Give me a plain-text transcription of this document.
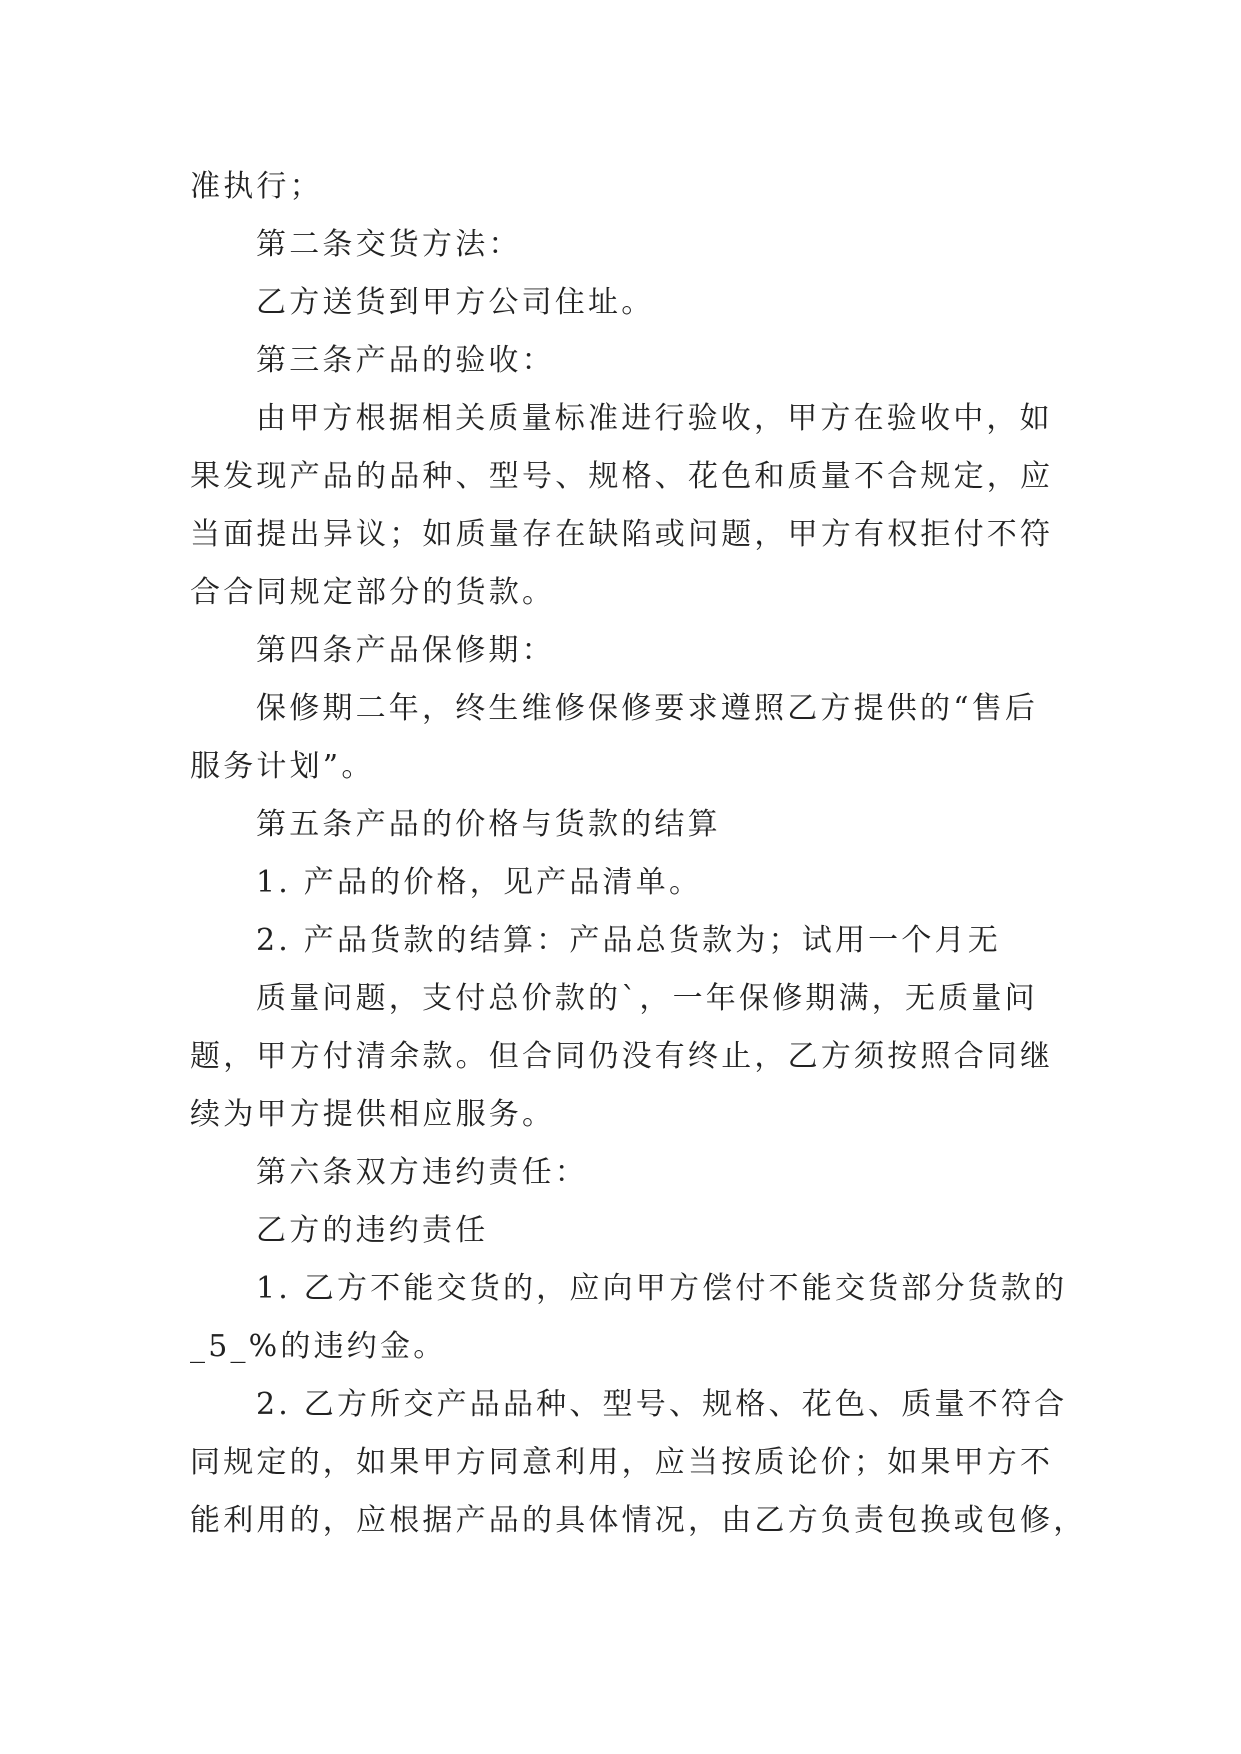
准执行；

第二条交货方法：

乙方送货到甲方公司住址。

第三条产品的验收：

由甲方根据相关质量标准进行验收，甲方在验收中，如

果发现产品的品种、型号、规格、花色和质量不合规定，应

当面提出异议；如质量存在缺陷或问题，甲方有权拒付不符

合合同规定部分的货款。

第四条产品保修期：

保修期二年，终生维修保修要求遵照乙方提供的“售后

服务计划”。

第五条产品的价格与货款的结算

1. 产品的价格，见产品清单。

2. 产品货款的结算：产品总货款为；试用一个月无

质量问题，支付总价款的`，一年保修期满，无质量问

题，甲方付清余款。但合同仍没有终止，乙方须按照合同继

续为甲方提供相应服务。

第六条双方违约责任：

乙方的违约责任

1. 乙方不能交货的，应向甲方偿付不能交货部分货款的

_5_%的违约金。

2. 乙方所交产品品种、型号、规格、花色、质量不符合

同规定的，如果甲方同意利用，应当按质论价；如果甲方不

能利用的，应根据产品的具体情况，由乙方负责包换或包修，
